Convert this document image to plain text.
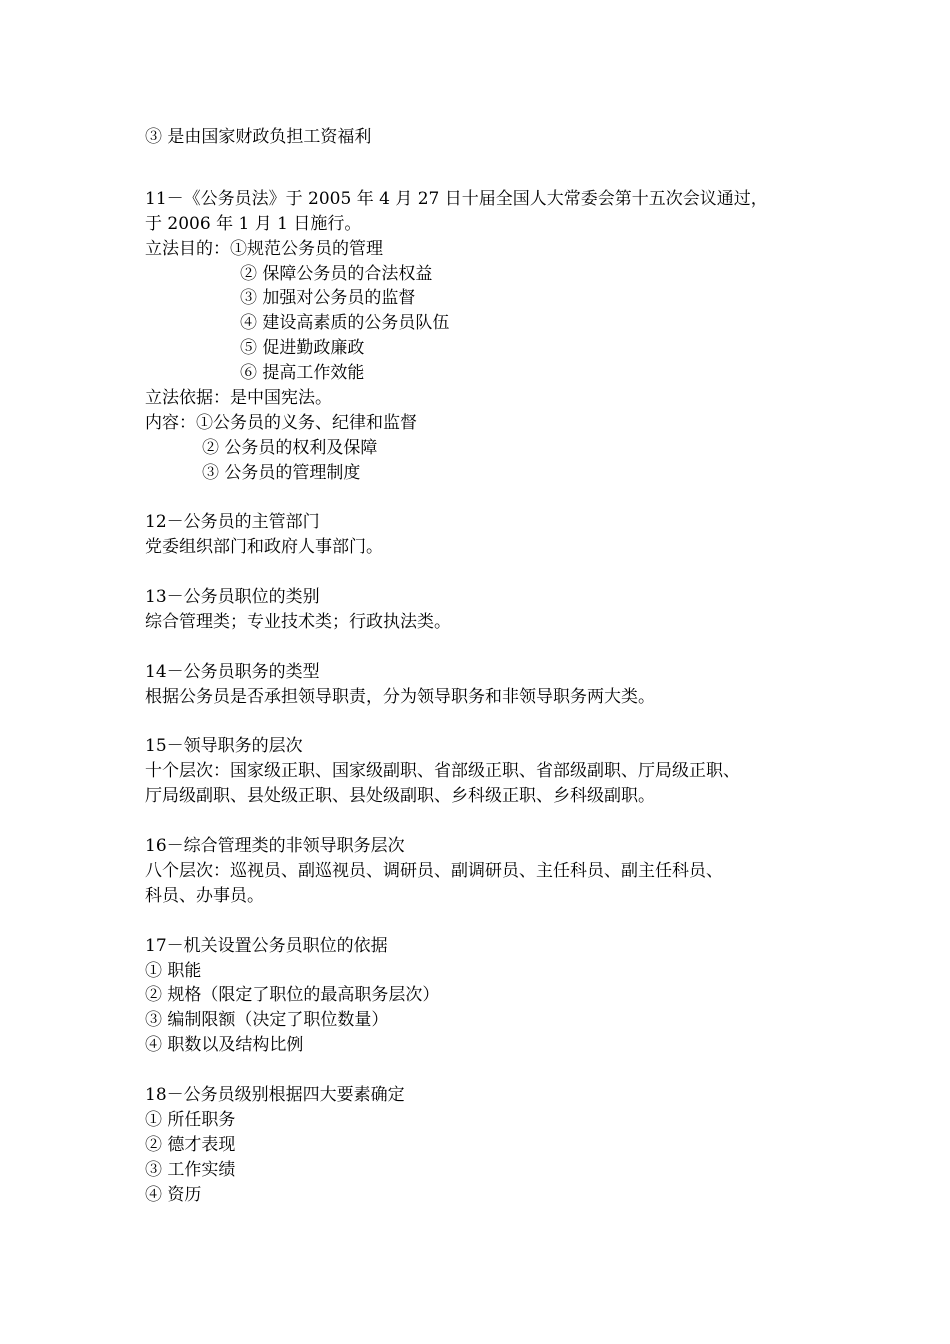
③ 是由国家财政负担工资福利
11－《公务员法》于 2005 年 4 月 27 日十届全国人大常委会第十五次会议通过，
于 2006 年 1 月 1 日施行。
立法目的：①规范公务员的管理
② 保障公务员的合法权益
③ 加强对公务员的监督
④ 建设高素质的公务员队伍
⑤ 促进勤政廉政
⑥ 提高工作效能
立法依据：是中国宪法。
内容：①公务员的义务、纪律和监督
② 公务员的权利及保障
③ 公务员的管理制度
12－公务员的主管部门
党委组织部门和政府人事部门。
13－公务员职位的类别
综合管理类；专业技术类；行政执法类。
14－公务员职务的类型
根据公务员是否承担领导职责，分为领导职务和非领导职务两大类。
15－领导职务的层次
十个层次：国家级正职、国家级副职、省部级正职、省部级副职、厅局级正职、
厅局级副职、县处级正职、县处级副职、乡科级正职、乡科级副职。
16－综合管理类的非领导职务层次
八个层次：巡视员、副巡视员、调研员、副调研员、主任科员、副主任科员、
科员、办事员。
17－机关设置公务员职位的依据
① 职能
② 规格（限定了职位的最高职务层次）
③ 编制限额（决定了职位数量）
④ 职数以及结构比例
18－公务员级别根据四大要素确定
① 所任职务
② 德才表现
③ 工作实绩
④ 资历
